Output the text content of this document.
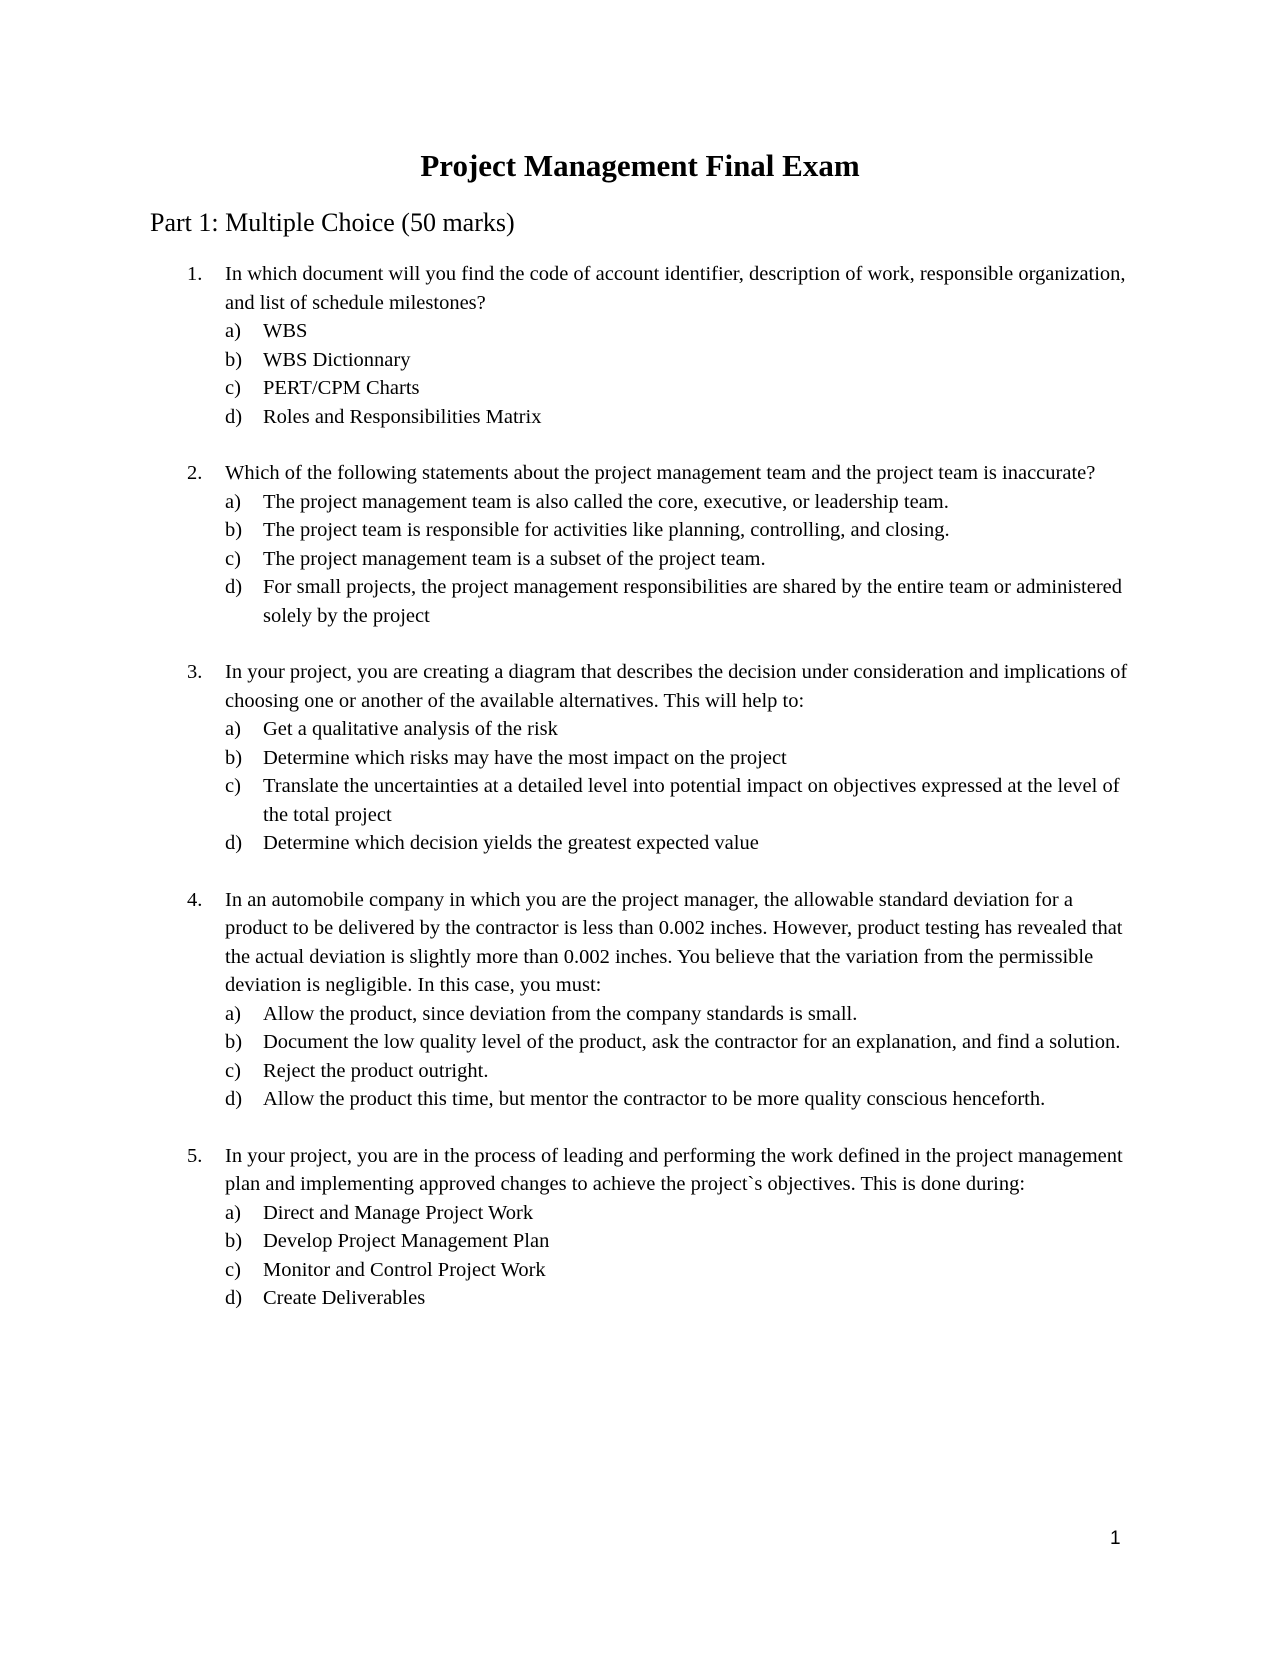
Project Management Final Exam
Part 1: Multiple Choice (50 marks)
1. In which document will you find the code of account identifier, description of work, responsible organization, and list of schedule milestones?
a) WBS
b) WBS Dictionnary
c) PERT/CPM Charts
d) Roles and Responsibilities Matrix
2. Which of the following statements about the project management team and the project team is inaccurate?
a) The project management team is also called the core, executive, or leadership team.
b) The project team is responsible for activities like planning, controlling, and closing.
c) The project management team is a subset of the project team.
d) For small projects, the project management responsibilities are shared by the entire team or administered solely by the project
3. In your project, you are creating a diagram that describes the decision under consideration and implications of choosing one or another of the available alternatives. This will help to:
a) Get a qualitative analysis of the risk
b) Determine which risks may have the most impact on the project
c) Translate the uncertainties at a detailed level into potential impact on objectives expressed at the level of the total project
d) Determine which decision yields the greatest expected value
4. In an automobile company in which you are the project manager, the allowable standard deviation for a product to be delivered by the contractor is less than 0.002 inches. However, product testing has revealed that the actual deviation is slightly more than 0.002 inches. You believe that the variation from the permissible deviation is negligible. In this case, you must:
a) Allow the product, since deviation from the company standards is small.
b) Document the low quality level of the product, ask the contractor for an explanation, and find a solution.
c) Reject the product outright.
d) Allow the product this time, but mentor the contractor to be more quality conscious henceforth.
5. In your project, you are in the process of leading and performing the work defined in the project management plan and implementing approved changes to achieve the project`s objectives. This is done during:
a) Direct and Manage Project Work
b) Develop Project Management Plan
c) Monitor and Control Project Work
d) Create Deliverables
1
